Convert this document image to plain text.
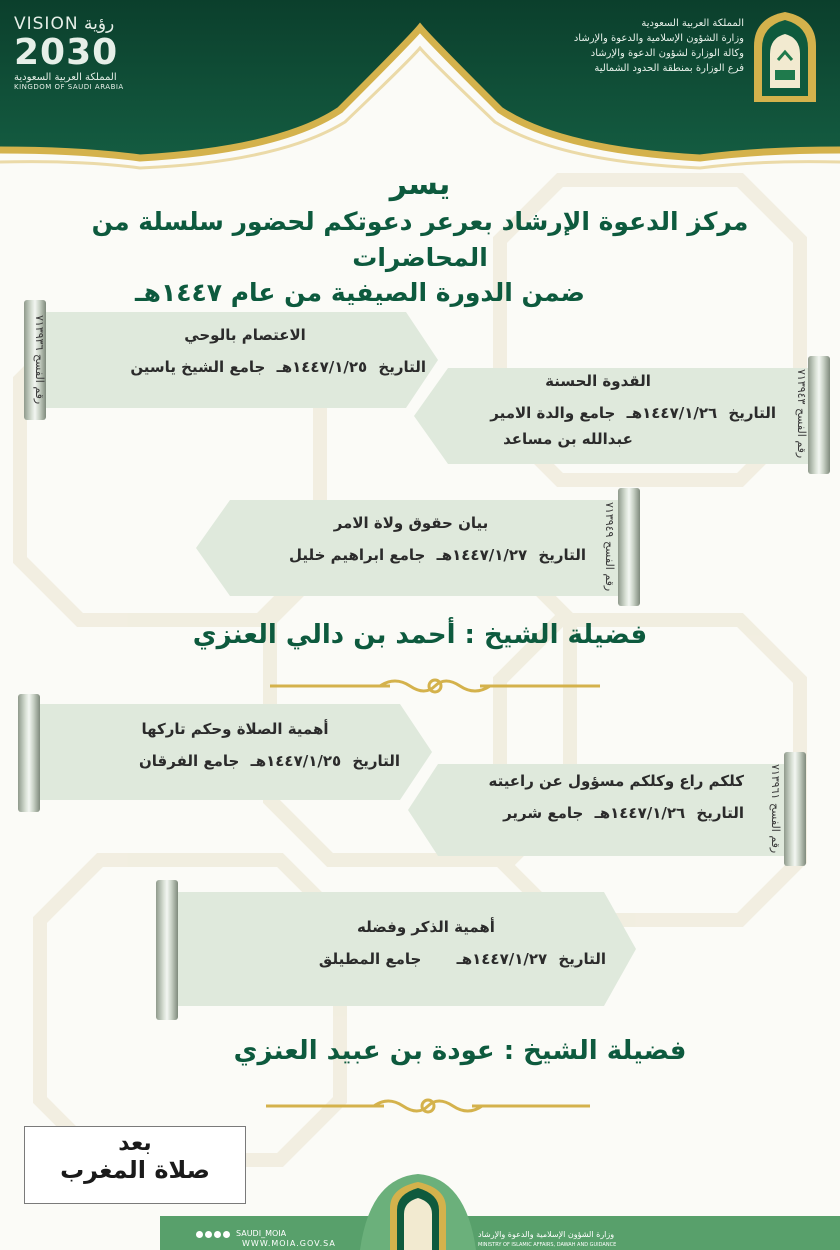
المملكة العربية السعودية
وزارة الشؤون الإسلامية والدعوة والإرشاد
وكالة الوزارة لشؤون الدعوة والإرشاد
فرع الوزارة بمنطقة الحدود الشمالية
VISION رؤية
2030
المملكة العربية السعودية
KINGDOM OF SAUDI ARABIA
يسر
مركز الدعوة الإرشاد بعرعر دعوتكم لحضور سلسلة من المحاضرات
ضمن الدورة الصيفية من عام ١٤٤٧هـ
رقم الفسح ٧١٣٩٣٦	الاعتصام بالوحي
التاريخ ١٤٤٧/١/٢٥هـ جامع الشيخ ياسين
رقم الفسح ٧١٣٩٤٣
القدوة الحسنة
التاريخ ١٤٤٧/١/٢٦هـ جامع والدة الامير
عبدالله بن مساعد
رقم الفسح ٧١٣٩٤٩
بيان حقوق ولاة الامر
التاريخ ١٤٤٧/١/٢٧هـ جامع ابراهيم خليل
فضيلة الشيخ : أحمد بن دالي العنزي
أهمية الصلاة وحكم تاركها
التاريخ ١٤٤٧/١/٢٥هـ جامع الفرقان
رقم الفسح ٧١٣٩٦١
كلكم راع وكلكم مسؤول عن راعيته
التاريخ ١٤٤٧/١/٢٦هـ جامع شرير
أهمية الذكر وفضله
التاريخ ١٤٤٧/١/٢٧هـ جامع المطيلق
فضيلة الشيخ : عودة بن عبيد العنزي
بعد
صلاة المغرب
SAUDI_MOIA
WWW.MOIA.GOV.SA
وزارة الشؤون الإسلامية والدعوة والإرشاد
MINISTRY OF ISLAMIC AFFAIRS, DAWAH AND GUIDANCE
